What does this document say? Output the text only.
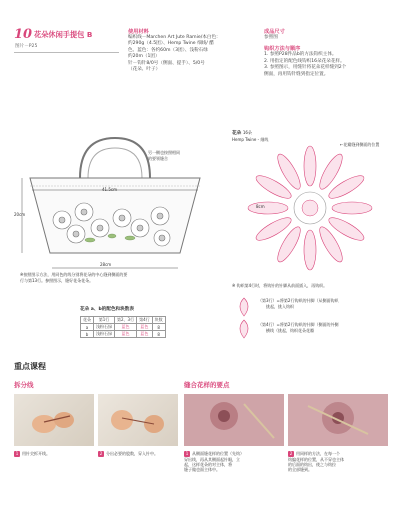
10 花朵休闲手提包 B
图片－P25
使用材料
编织线－Marchen Art Jute Ramie/本白色：
约290g（4.5团）、Hemp Twine 细线/ 醋
色、蓝色：各约60m（3团）、浅粉石绿
约20m（1团）
针－钩针8/0号（侧面、提手）、5/0号
（花朵、叶子）
成品尺寸
参照图
钩织方法与顺序
1. 参照P28件品b的方法钩织主体。
2. 用指定的配色线钩织16朵花朵花样。
3. 参照图示，用缝针将花朵花样缝到2个
侧面，再用钩针缝到指定位置。
41.5cm
20cm
28cm
另一侧也按照相同
的要领缝合
※按照图示方法，用同色的线分别将花朵的中心缝到侧面的要
行与第13行。参照图示，缝好花朵花朵。
花朵 16朵
Hemp Twine - 细线
8cm
←花瓣缝到侧面的位置
※ 钩织第4行时，将钩针的针脚从前面插入，再钩织。
花朵 a、b的配色和块数表
花朵	第1行	第2、3行	第4行	块数
a	浅粉石绿	蓝色	蓝色	8
b	浅粉石绿	蓝色	蓝色	8
（第3行）=将第2行钩织的针脚（从侧面钩织
挑起，挑入钩织
（第4行）=将第2行钩织的针脚（侧面的外侧
横线（挑起，钩织花朵花瓣
重点课程
拆分线	缝合花样的要点
1 用针尖拆开线。	2 分出必要的股数，穿入针中。	1 从侧面缝花样的位置（先钩）
穿出线，再从其侧面起针眼，立
起，这样花朵的对主体，将
缝子做也面主体中。
2 用同样的方法，在每一个
钩编花样的位置，从不穿也主体
的后面的钩出，使之与钩拉
的全部缝到。
